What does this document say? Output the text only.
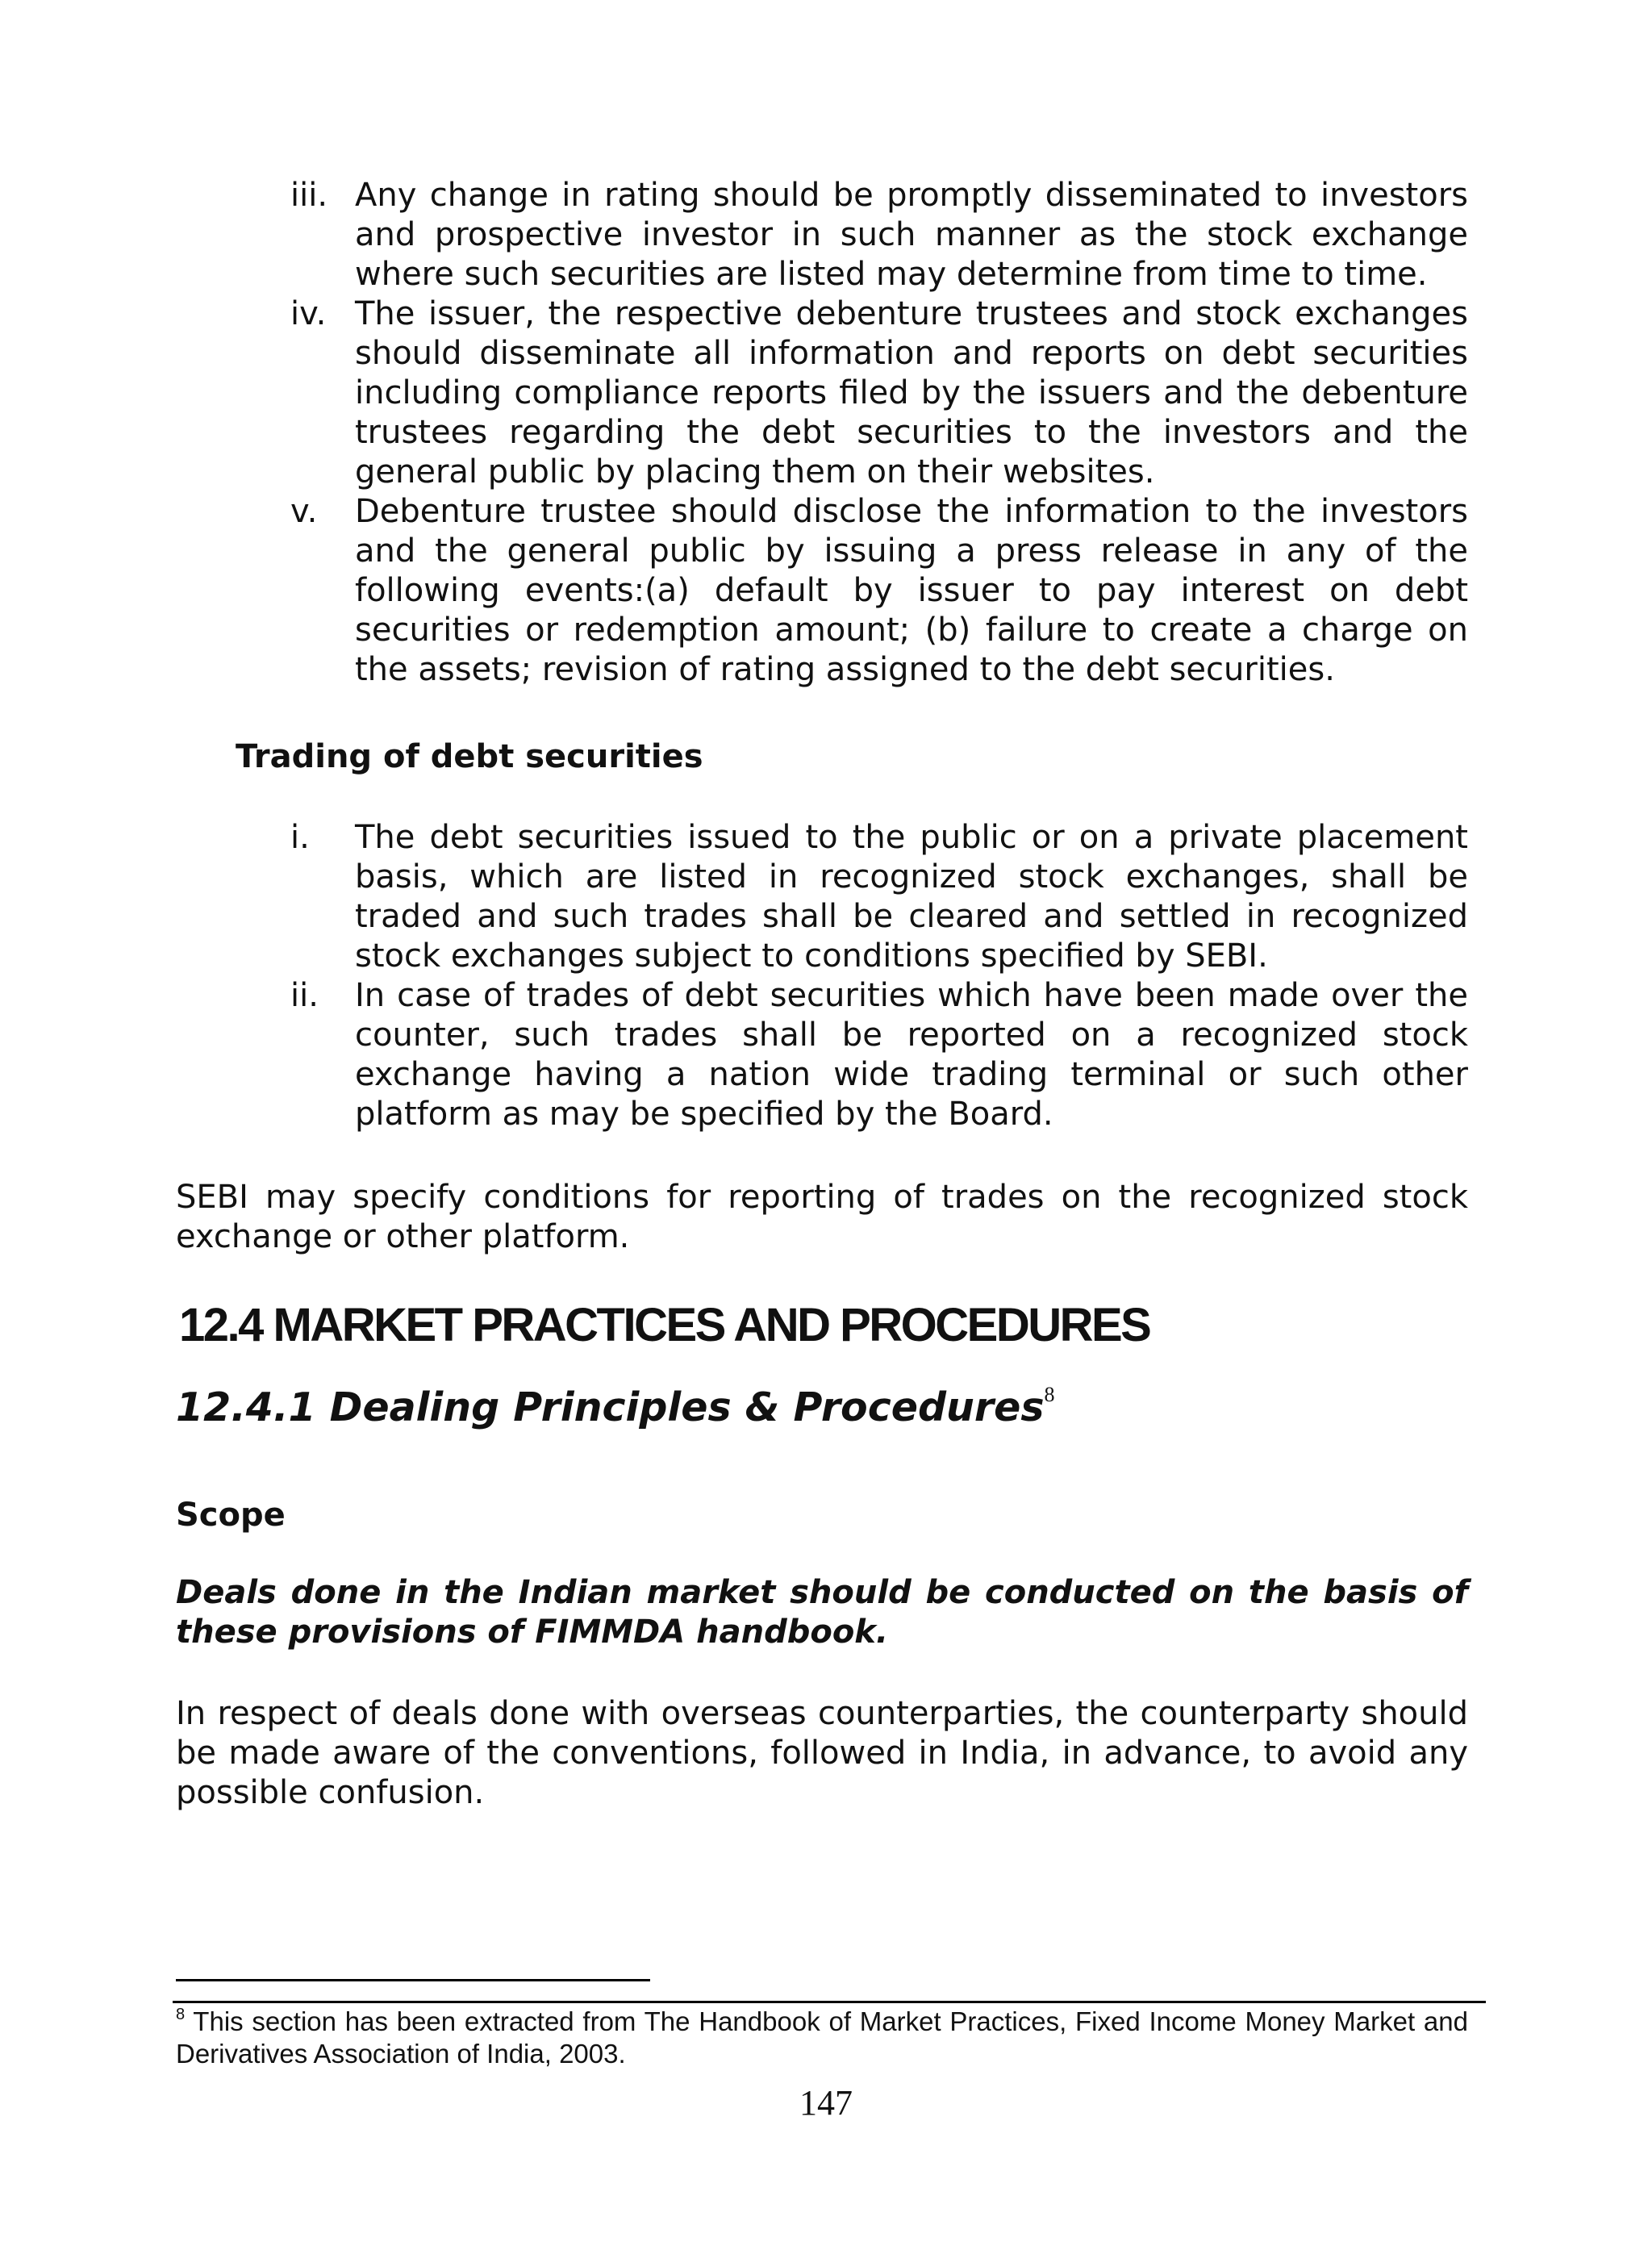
iii. Any change in rating should be promptly disseminated to investors and prospective investor in such manner as the stock exchange where such securities are listed may determine from time to time.
iv. The issuer, the respective debenture trustees and stock exchanges should disseminate all information and reports on debt securities including compliance reports filed by the issuers and the debenture trustees regarding the debt securities to the investors and the general public by placing them on their websites.
v.	Debenture trustee should disclose the information to the investors and the general public by issuing a press release in any of the following events:(a) default by issuer to pay interest on debt securities or redemption amount; (b) failure to create a charge on the assets; revision of rating assigned to the debt securities.
Trading of debt securities
i.	The debt securities issued to the public or on a private placement basis, which are listed in recognized stock exchanges, shall be traded and such trades shall be cleared and settled in recognized stock exchanges subject to conditions specified by SEBI.
ii.	In case of trades of debt securities which have been made over the counter, such trades shall be reported on a recognized stock exchange having a nation wide trading terminal or such other platform as may be specified by the Board.
SEBI may specify conditions for reporting of trades on the recognized stock exchange or other platform.
12.4 MARKET PRACTICES AND PROCEDURES
12.4.1 Dealing Principles & Procedures$^8$
Scope
Deals done in the Indian market should be conducted on the basis of these provisions of FIMMDA handbook.
In respect of deals done with overseas counterparties, the counterparty should be made aware of the conventions, followed in India, in advance, to avoid any possible confusion.
$^8$ This section has been extracted from The Handbook of Market Practices, Fixed Income Money Market and Derivatives Association of India, 2003.
147
